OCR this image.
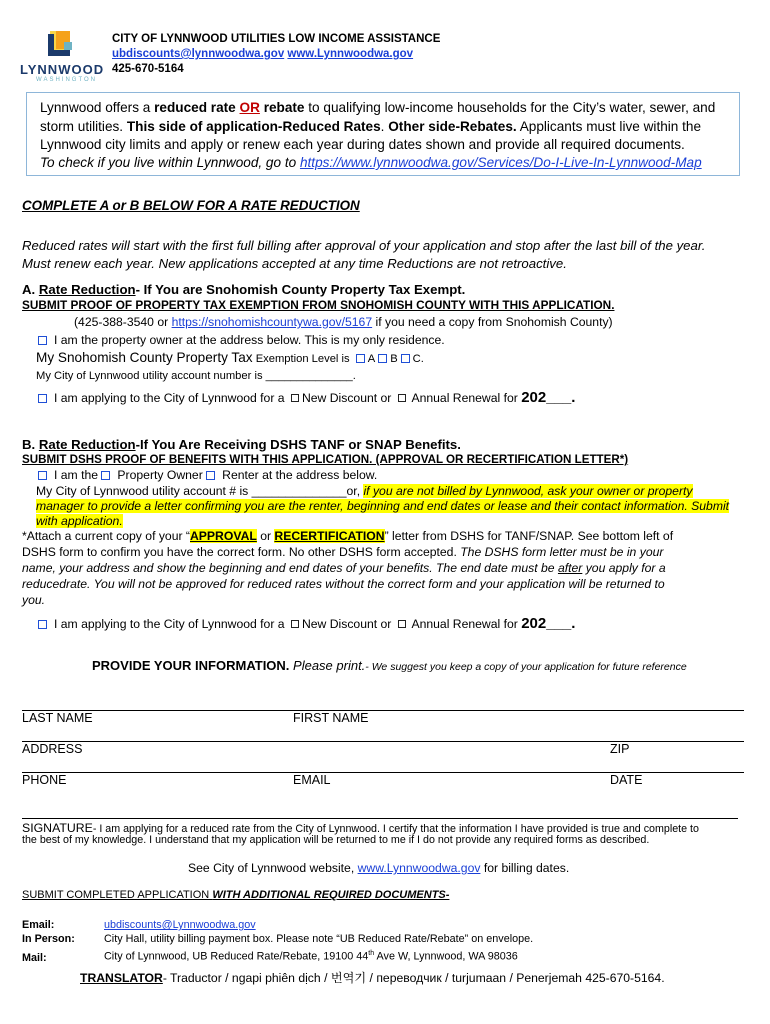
LYNNWOOD
WASHINGTON
CITY OF LYNNWOOD UTILITIES LOW INCOME ASSISTANCE
ubdiscounts@lynnwoodwa.gov www.Lynnwoodwa.gov
425-670-5164
Lynnwood offers a reduced rate OR rebate to qualifying low-income households for the City’s water, sewer, and
storm utilities. This side of application-Reduced Rates. Other side-Rebates. Applicants must live within the
Lynnwood city limits and apply or renew each year during dates shown and provide all required documents.
To check if you live within Lynnwood, go to https://www.lynnwoodwa.gov/Services/Do-I-Live-In-Lynnwood-Map
COMPLETE A or B BELOW FOR A RATE REDUCTION
Reduced rates will start with the first full billing after approval of your application and stop after the last bill of the year.
Must renew each year. New applications accepted at any time Reductions are not retroactive.
A. Rate Reduction- If You are Snohomish County Property Tax Exempt.
SUBMIT PROOF OF PROPERTY TAX EXEMPTION FROM SNOHOMISH COUNTY WITH THIS APPLICATION.
(425-388-3540 or https://snohomishcountywa.gov/5167 if you need a copy from Snohomish County)
I am the property owner at the address below. This is my only residence.
My Snohomish County Property Tax Exemption Level is A B C.
My City of Lynnwood utility account number is ______________.
I am applying to the City of Lynnwood for a New Discount or  Annual Renewal for 202___.
B. Rate Reduction-If You Are Receiving DSHS TANF or SNAP Benefits.
SUBMIT DSHS PROOF OF BENEFITS WITH THIS APPLICATION. (APPROVAL OR RECERTIFICATION LETTER*)
I am the Property Owner Renter at the address below.
My City of Lynnwood utility account # is ______________or, if you are not billed by Lynnwood, ask your owner or property
manager to provide a letter confirming you are the renter, beginning and end dates or lease and their contact information. Submit
with application.
*Attach a current copy of your “APPROVAL or RECERTIFICATION” letter from DSHS for TANF/SNAP. See bottom left of
DSHS form to confirm you have the correct form. No other DSHS form accepted. The DSHS form letter must be in your
name, your address and show the beginning and end dates of your benefits. The end date must be after you apply for a
reducedrate. You will not be approved for reduced rates without the correct form and your application will be returned to
you.
I am applying to the City of Lynnwood for a New Discount or  Annual Renewal for 202___.
PROVIDE YOUR INFORMATION. Please print.- We suggest you keep a copy of your application for future reference
LAST NAME	FIRST NAME
ADDRESS	ZIP
PHONE	EMAIL	DATE
SIGNATURE- I am applying for a reduced rate from the City of Lynnwood. I certify that the information I have provided is true and complete to
the best of my knowledge. I understand that my application will be returned to me if I do not provide any required forms as described.
See City of Lynnwood website, www.Lynnwoodwa.gov for billing dates.
SUBMIT COMPLETED APPLICATION WITH ADDITIONAL REQUIRED DOCUMENTS-
Email:	ubdiscounts@Lynnwoodwa.gov
In Person:	City Hall, utility billing payment box. Please note “UB Reduced Rate/Rebate” on envelope.
Mail:	City of Lynnwood, UB Reduced Rate/Rebate, 19100 44th Ave W, Lynnwood, WA 98036
TRANSLATOR- Traductor / ngapi phiên dịch / 번역기 / переводчик / turjumaan / Penerjemah 425-670-5164.
